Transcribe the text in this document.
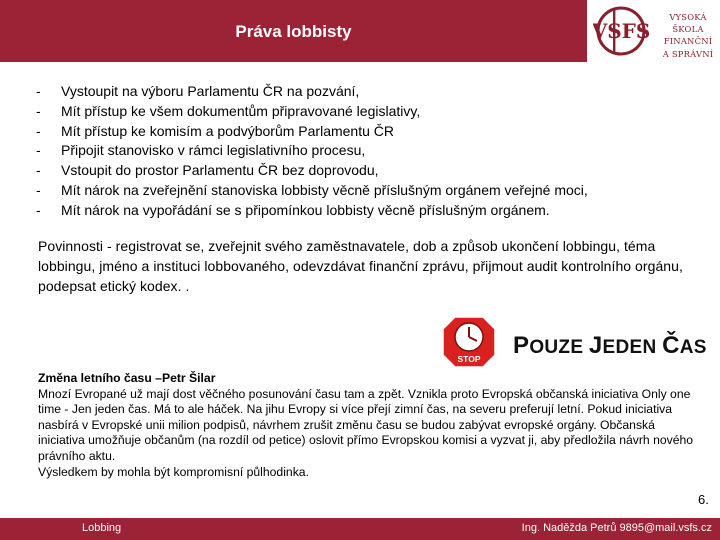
Práva lobbisty	VSFS
VYSOKÁ ŠKOLA
FINANČNÍ
A SPRÁVNÍ
- Vystoupit na výboru Parlamentu ČR na pozvání,
- Mít přístup ke všem dokumentům připravované legislativy,
- Mít přístup ke komisím a podvýborům Parlamentu ČR
- Připojit stanovisko v rámci legislativního procesu,
- Vstoupit do prostor Parlamentu ČR bez doprovodu,
- Mít nárok na zveřejnění stanoviska lobbisty věcně příslušným orgánem veřejné moci,
- Mít nárok na vypořádání se s připomínkou lobbisty věcně příslušným orgánem.
Povinnosti - registrovat se, zveřejnit svého zaměstnavatele, dob a způsob ukončení lobbingu, téma lobbingu, jméno a instituci lobbovaného, odevzdávat finanční zprávu, přijmout audit kontrolního orgánu, podepsat etický kodex. .
STOP POUZE JEDEN ČAS
Změna letního času –Petr Šilar
Mnozí Evropané už mají dost věčného posunování času tam a zpět. Vznikla proto Evropská občanská iniciativa Only one time - Jen jeden čas. Má to ale háček. Na jihu Evropy si více přejí zimní čas, na severu preferují letní. Pokud iniciativa nasbírá v Evropské unii milion podpisů, návrhem zrušit změnu času se budou zabývat evropské orgány. Občanská iniciativa umožňuje občanům (na rozdíl od petice) oslovit přímo Evropskou komisi a vyzvat ji, aby předložila návrh nového právního aktu.
Výsledkem by mohla být kompromisní půlhodinka.
6.
Lobbing	Ing. Naděžda Petrů 9895@mail.vsfs.cz
